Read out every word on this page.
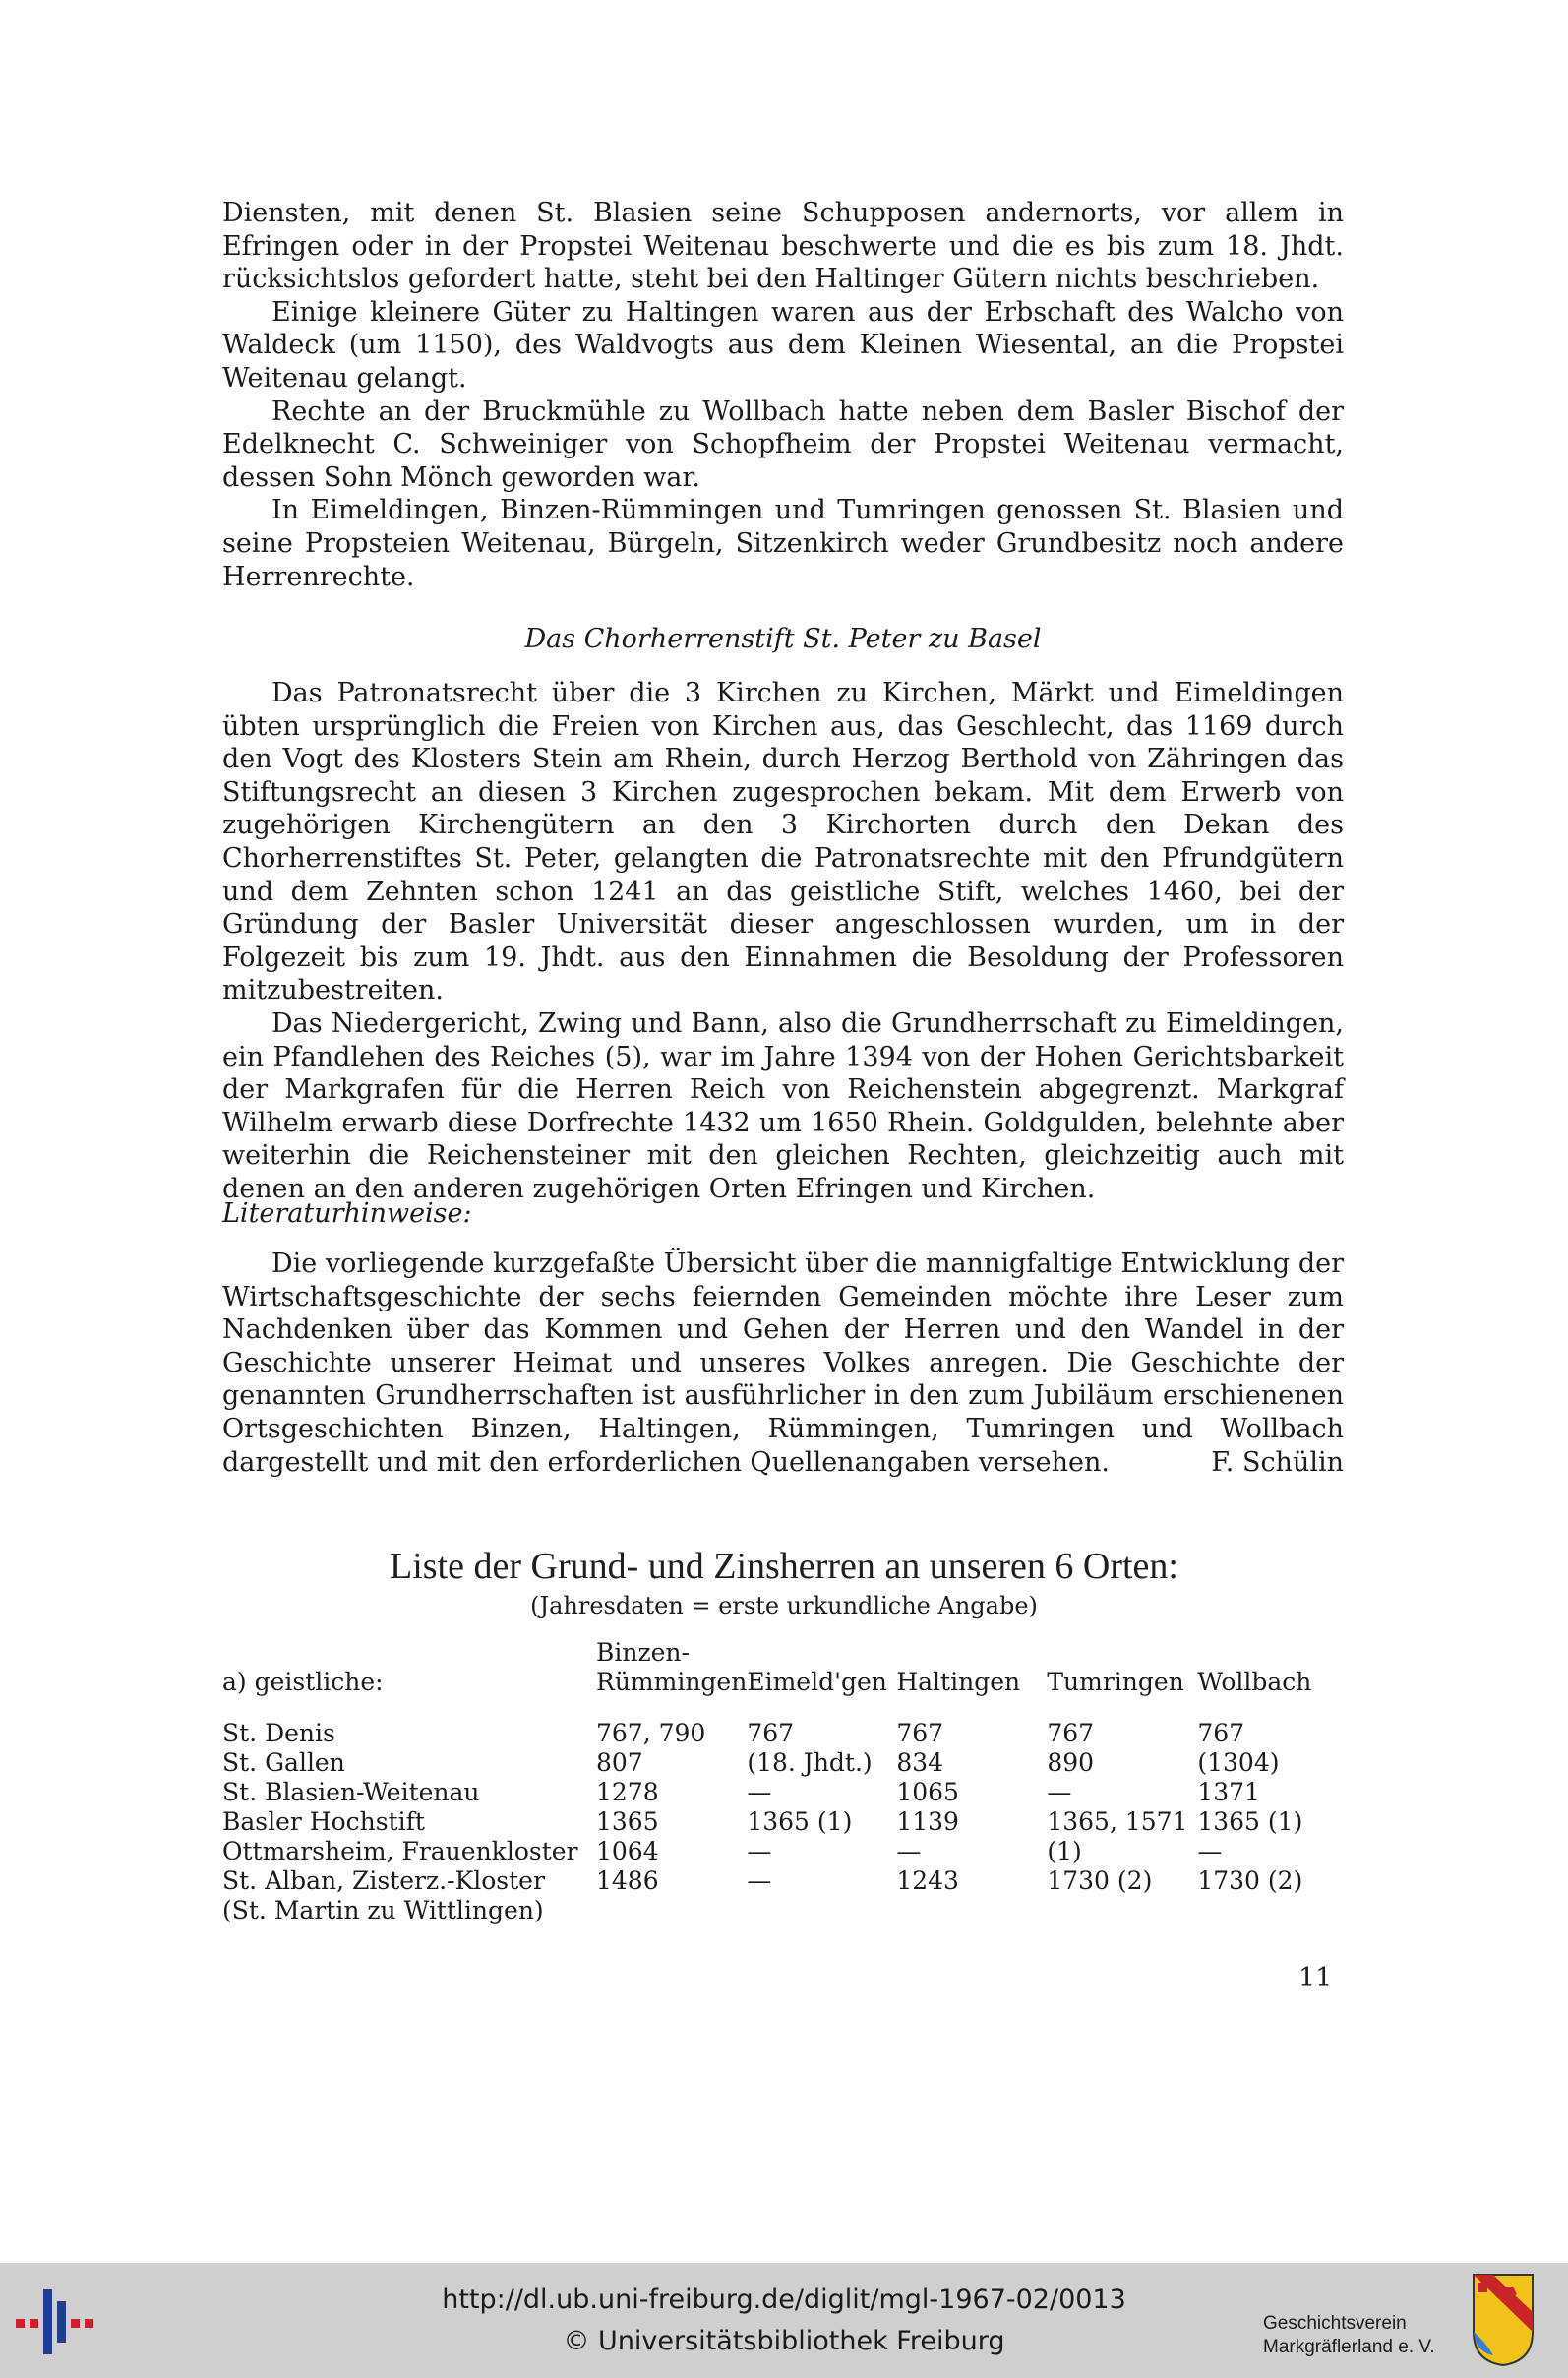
Diensten, mit denen St. Blasien seine Schupposen andernorts, vor allem in Efringen oder in der Propstei Weitenau beschwerte und die es bis zum 18. Jhdt. rücksichtslos gefordert hatte, steht bei den Haltinger Gütern nichts beschrieben.

Einige kleinere Güter zu Haltingen waren aus der Erbschaft des Walcho von Waldeck (um 1150), des Waldvogts aus dem Kleinen Wiesental, an die Propstei Weitenau gelangt.

Rechte an der Bruckmühle zu Wollbach hatte neben dem Basler Bischof der Edelknecht C. Schweiniger von Schopfheim der Propstei Weitenau vermacht, dessen Sohn Mönch geworden war.

In Eimeldingen, Binzen-Rümmingen und Tumringen genossen St. Blasien und seine Propsteien Weitenau, Bürgeln, Sitzenkirch weder Grundbesitz noch andere Herrenrechte.

Das Chorherrenstift St. Peter zu Basel

Das Patronatsrecht über die 3 Kirchen zu Kirchen, Märkt und Eimeldingen übten ursprünglich die Freien von Kirchen aus, das Geschlecht, das 1169 durch den Vogt des Klosters Stein am Rhein, durch Herzog Berthold von Zähringen das Stiftungsrecht an diesen 3 Kirchen zugesprochen bekam. Mit dem Erwerb von zugehörigen Kirchengütern an den 3 Kirchorten durch den Dekan des Chorherrenstiftes St. Peter, gelangten die Patronatsrechte mit den Pfrundgütern und dem Zehnten schon 1241 an das geistliche Stift, welches 1460, bei der Gründung der Basler Universität dieser angeschlossen wurden, um in der Folgezeit bis zum 19. Jhdt. aus den Einnahmen die Besoldung der Professoren mitzubestreiten.

Das Niedergericht, Zwing und Bann, also die Grundherrschaft zu Eimeldingen, ein Pfandlehen des Reiches (5), war im Jahre 1394 von der Hohen Gerichtsbarkeit der Markgrafen für die Herren Reich von Reichenstein abgegrenzt. Markgraf Wilhelm erwarb diese Dorfrechte 1432 um 1650 Rhein. Goldgulden, belehnte aber weiterhin die Reichensteiner mit den gleichen Rechten, gleichzeitig auch mit denen an den anderen zugehörigen Orten Efringen und Kirchen.

Literaturhinweise:

Die vorliegende kurzgefaßte Übersicht über die mannigfaltige Entwicklung der Wirtschaftsgeschichte der sechs feiernden Gemeinden möchte ihre Leser zum Nachdenken über das Kommen und Gehen der Herren und den Wandel in der Geschichte unserer Heimat und unseres Volkes anregen. Die Geschichte der genannten Grundherrschaften ist ausführlicher in den zum Jubiläum erschienenen Ortsgeschichten Binzen, Haltingen, Rümmingen, Tumringen und Wollbach dargestellt und mit den erforderlichen Quellenangaben versehen.	F. Schülin

Liste der Grund- und Zinsherren an unseren 6 Orten:
(Jahresdaten = erste urkundliche Angabe)
a) geistliche:	Binzen-
Rümmingen	Eimeld'gen	Haltingen	Tumringen	Wollbach

St. Denis	767, 790	767	767	767	767
St. Gallen	807	(18. Jhdt.)	834	890	(1304)
St. Blasien-Weitenau	1278	—	1065	—	1371
Basler Hochstift	1365	1365 (1)	1139	1365, 1571	1365 (1)
Ottmarsheim, Frauenkloster	1064	—	—	(1)	—
St. Alban, Zisterz.-Kloster	1486	—	1243	1730 (2)	1730 (2)
(St. Martin zu Wittlingen)					
11
http://dl.ub.uni-freiburg.de/diglit/mgl-1967-02/0013
© Universitätsbibliothek Freiburg
Geschichtsverein
Markgräflerland e. V.
